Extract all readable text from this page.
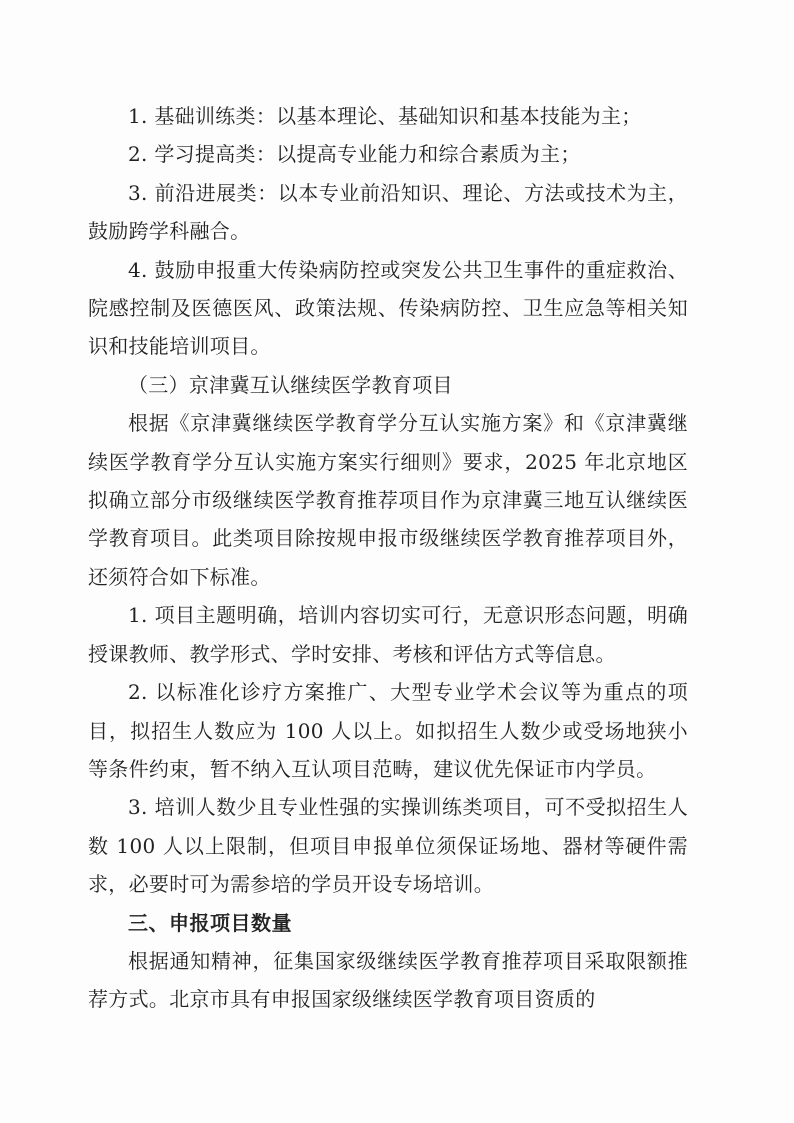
1. 基础训练类：以基本理论、基础知识和基本技能为主；

2. 学习提高类：以提高专业能力和综合素质为主；

3. 前沿进展类：以本专业前沿知识、理论、方法或技术为主，鼓励跨学科融合。

4. 鼓励申报重大传染病防控或突发公共卫生事件的重症救治、院感控制及医德医风、政策法规、传染病防控、卫生应急等相关知识和技能培训项目。

（三）京津冀互认继续医学教育项目

根据《京津冀继续医学教育学分互认实施方案》和《京津冀继续医学教育学分互认实施方案实行细则》要求，2025 年北京地区拟确立部分市级继续医学教育推荐项目作为京津冀三地互认继续医学教育项目。此类项目除按规申报市级继续医学教育推荐项目外，还须符合如下标准。

1. 项目主题明确，培训内容切实可行，无意识形态问题，明确授课教师、教学形式、学时安排、考核和评估方式等信息。

2. 以标准化诊疗方案推广、大型专业学术会议等为重点的项目，拟招生人数应为 100 人以上。如拟招生人数少或受场地狭小等条件约束，暂不纳入互认项目范畴，建议优先保证市内学员。

3. 培训人数少且专业性强的实操训练类项目，可不受拟招生人数 100 人以上限制，但项目申报单位须保证场地、器材等硬件需求，必要时可为需参培的学员开设专场培训。

三、申报项目数量

根据通知精神，征集国家级继续医学教育推荐项目采取限额推荐方式。北京市具有申报国家级继续医学教育项目资质的
